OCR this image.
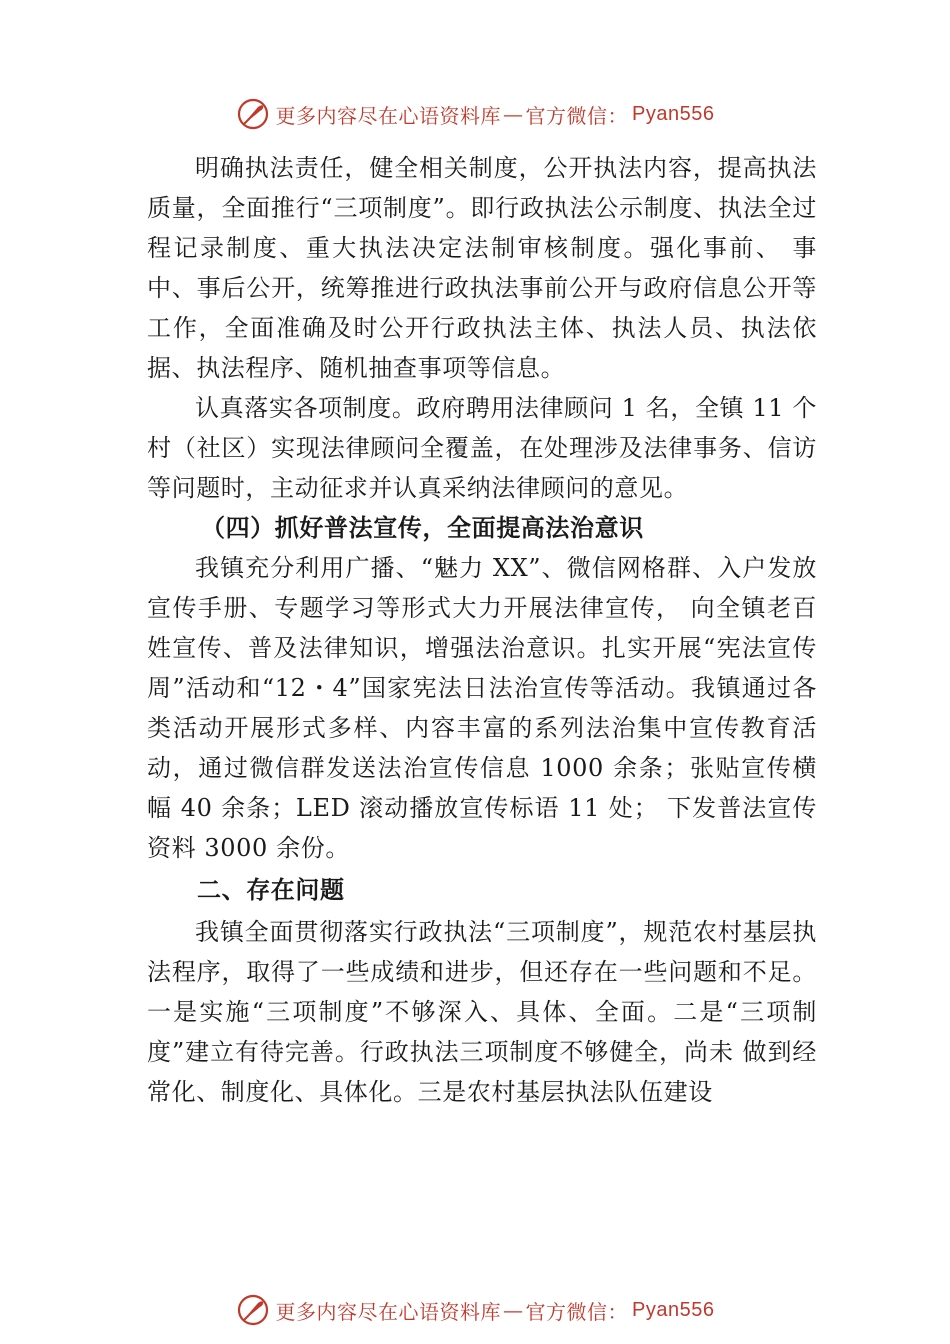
更多内容尽在心语资料库 — 官方微信： Pyan556

明确执法责任，健全相关制度，公开执法内容，提高执法质量，全面推行“三项制度”。即行政执法公示制度、执法全过程记录制度、重大执法决定法制审核制度。强化事前、 事中、事后公开，统筹推进行政执法事前公开与政府信息公开等工作，全面准确及时公开行政执法主体、执法人员、执法依据、执法程序、随机抽查事项等信息。

认真落实各项制度。政府聘用法律顾问 1 名，全镇 11 个村（社区）实现法律顾问全覆盖，在处理涉及法律事务、信访等问题时，主动征求并认真采纳法律顾问的意见。

（四）抓好普法宣传，全面提高法治意识

我镇充分利用广播、“魅力 XX”、微信网格群、入户发放宣传手册、专题学习等形式大力开展法律宣传， 向全镇老百姓宣传、普及法律知识，增强法治意识。扎实开展“宪法宣传周”活动和“12・4”国家宪法日法治宣传等活动。我镇通过各类活动开展形式多样、内容丰富的系列法治集中宣传教育活动，通过微信群发送法治宣传信息 1000 余条；张贴宣传横幅 40 余条；LED 滚动播放宣传标语 11 处； 下发普法宣传资料 3000 余份。

二、存在问题

我镇全面贯彻落实行政执法“三项制度”，规范农村基层执法程序，取得了一些成绩和进步，但还存在一些问题和不足。一是实施“三项制度”不够深入、具体、全面。二是“三项制度”建立有待完善。行政执法三项制度不够健全，尚未 做到经常化、制度化、具体化。三是农村基层执法队伍建设

更多内容尽在心语资料库 — 官方微信： Pyan556
